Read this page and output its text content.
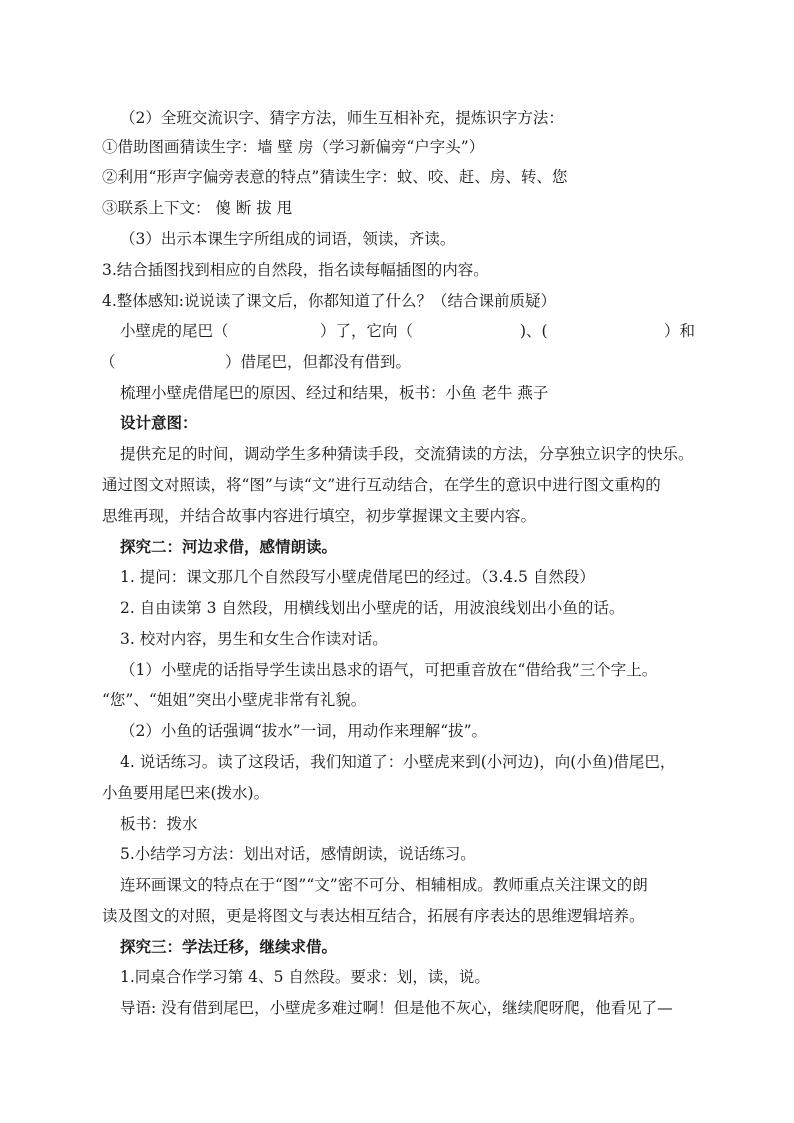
（2）全班交流识字、猜字方法，师生互相补充，提炼识字方法：
①借助图画猜读生字：墙 壁 房（学习新偏旁“户字头”）
②利用“形声字偏旁表意的特点”猜读生字：蚊、咬、赶、房、转、您
③联系上下文： 傻 断 拔 甩
（3）出示本课生字所组成的词语，领读，齐读。
3.结合插图找到相应的自然段，指名读每幅插图的内容。
4.整体感知:说说读了课文后，你都知道了什么？（结合课前质疑）
小壁虎的尾巴（	）了，它向（	)、(	）和
（	）借尾巴，但都没有借到。
梳理小壁虎借尾巴的原因、经过和结果，板书：小鱼 老牛 燕子
设计意图：
提供充足的时间，调动学生多种猜读手段，交流猜读的方法，分享独立识字的快乐。
通过图文对照读，将“图”与读“文”进行互动结合，在学生的意识中进行图文重构的
思维再现，并结合故事内容进行填空，初步掌握课文主要内容。
探究二：河边求借，感情朗读。
1. 提问：课文那几个自然段写小壁虎借尾巴的经过。（3.4.5 自然段）
2. 自由读第 3 自然段，用横线划出小壁虎的话，用波浪线划出小鱼的话。
3. 校对内容，男生和女生合作读对话。
（1）小壁虎的话指导学生读出恳求的语气，可把重音放在“借给我”三个字上。
“您”、“姐姐”突出小壁虎非常有礼貌。
（2）小鱼的话强调“拔水”一词，用动作来理解“拔”。
4. 说话练习。读了这段话，我们知道了：小壁虎来到(小河边)，向(小鱼)借尾巴，
小鱼要用尾巴来(拨水)。
板书：拨水
5.小结学习方法：划出对话，感情朗读，说话练习。
连环画课文的特点在于“图”“文”密不可分、相辅相成。教师重点关注课文的朗
读及图文的对照，更是将图文与表达相互结合，拓展有序表达的思维逻辑培养。
探究三：学法迁移，继续求借。
1.同桌合作学习第 4、5 自然段。要求：划，读，说。
导语: 没有借到尾巴，小壁虎多难过啊！但是他不灰心，继续爬呀爬，他看见了—
